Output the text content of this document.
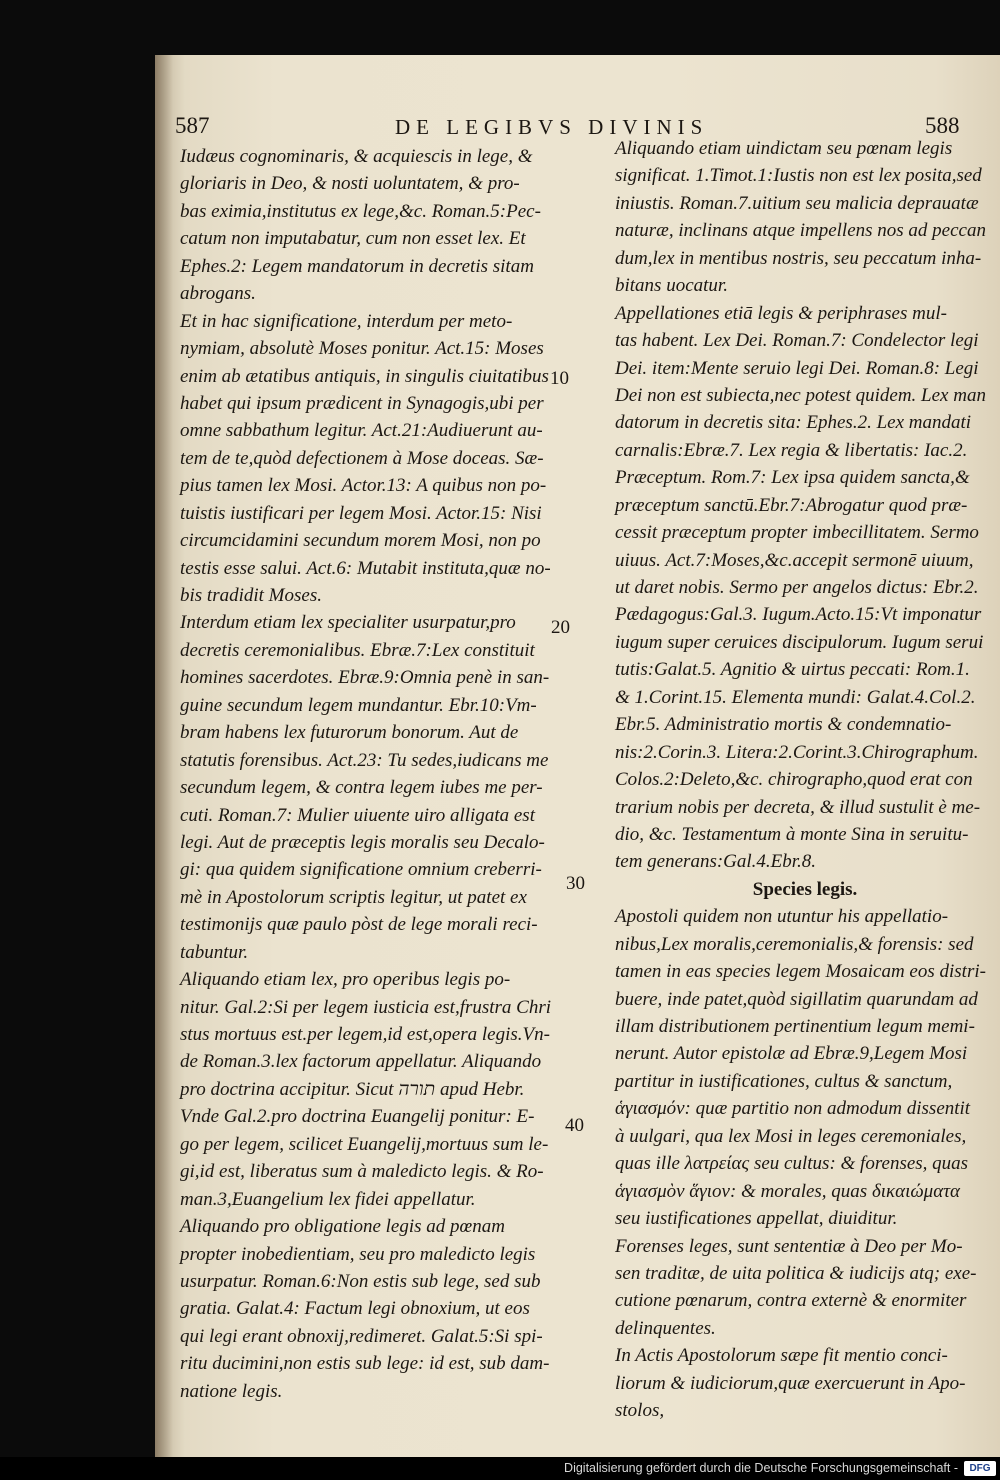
587	DE LEGIBVS DIVINIS	588
Iudæus cognominaris, & acquiescis in lege, &
gloriaris in Deo, & nosti uoluntatem, & pro-
bas eximia,institutus ex lege,&c. Roman.5:Pec-
catum non imputabatur, cum non esset lex. Et
Ephes.2: Legem mandatorum in decretis sitam
abrogans.
Et in hac significatione, interdum per meto-
nymiam, absolutè Moses ponitur. Act.15: Moses
enim ab ætatibus antiquis, in singulis ciuitatibus
habet qui ipsum prædicent in Synagogis,ubi per
omne sabbathum legitur. Act.21:Audiuerunt au-
tem de te,quòd defectionem à Mose doceas. Sæ-
pius tamen lex Mosi. Actor.13: A quibus non po-
tuistis iustificari per legem Mosi. Actor.15: Nisi
circumcidamini secundum morem Mosi, non po
testis esse salui. Act.6: Mutabit instituta,quæ no-
bis tradidit Moses.
Interdum etiam lex specialiter usurpatur,pro
decretis ceremonialibus. Ebræ.7:Lex constituit
homines sacerdotes. Ebræ.9:Omnia penè in san-
guine secundum legem mundantur. Ebr.10:Vm-
bram habens lex futurorum bonorum. Aut de
statutis forensibus. Act.23: Tu sedes,iudicans me
secundum legem, & contra legem iubes me per-
cuti. Roman.7: Mulier uiuente uiro alligata est
legi. Aut de præceptis legis moralis seu Decalo-
gi: qua quidem significatione omnium creberri-
mè in Apostolorum scriptis legitur, ut patet ex
testimonijs quæ paulo pòst de lege morali reci-
tabuntur.
Aliquando etiam lex, pro operibus legis po-
nitur. Gal.2:Si per legem iusticia est,frustra Chri
stus mortuus est.per legem,id est,opera legis.Vn-
de Roman.3.lex factorum appellatur. Aliquando
pro doctrina accipitur. Sicut תורה apud Hebr.
Vnde Gal.2.pro doctrina Euangelij ponitur: E-
go per legem, scilicet Euangelij,mortuus sum le-
gi,id est, liberatus sum à maledicto legis. & Ro-
man.3,Euangelium lex fidei appellatur.
Aliquando pro obligatione legis ad pœnam
propter inobedientiam, seu pro maledicto legis
usurpatur. Roman.6:Non estis sub lege, sed sub
gratia. Galat.4: Factum legi obnoxium, ut eos
qui legi erant obnoxij,redimeret. Galat.5:Si spi-
ritu ducimini,non estis sub lege: id est, sub dam-
natione legis.
Aliquando etiam uindictam seu pœnam legis
significat. 1.Timot.1:Iustis non est lex posita,sed
iniustis. Roman.7.uitium seu malicia deprauatæ
naturæ, inclinans atque impellens nos ad peccan
dum,lex in mentibus nostris, seu peccatum inha-
bitans uocatur.
Appellationes etiā legis & periphrases mul-
tas habent. Lex Dei. Roman.7: Condelector legi
Dei. item:Mente seruio legi Dei. Roman.8: Legi
Dei non est subiecta,nec potest quidem. Lex man
datorum in decretis sita: Ephes.2. Lex mandati
carnalis:Ebræ.7. Lex regia & libertatis: Iac.2.
Præceptum. Rom.7: Lex ipsa quidem sancta,&
præceptum sanctū.Ebr.7:Abrogatur quod præ-
cessit præceptum propter imbecillitatem. Sermo
uiuus. Act.7:Moses,&c.accepit sermonē uiuum,
ut daret nobis. Sermo per angelos dictus: Ebr.2.
Pædagogus:Gal.3. Iugum.Acto.15:Vt imponatur
iugum super ceruices discipulorum. Iugum serui
tutis:Galat.5. Agnitio & uirtus peccati: Rom.1.
& 1.Corint.15. Elementa mundi: Galat.4.Col.2.
Ebr.5. Administratio mortis & condemnatio-
nis:2.Corin.3. Litera:2.Corint.3.Chirographum.
Colos.2:Deleto,&c. chirographo,quod erat con
trarium nobis per decreta, & illud sustulit è me-
dio, &c. Testamentum à monte Sina in seruitu-
tem generans:Gal.4.Ebr.8.
Species legis.
Apostoli quidem non utuntur his appellatio-
nibus,Lex moralis,ceremonialis,& forensis: sed
tamen in eas species legem Mosaicam eos distri-
buere, inde patet,quòd sigillatim quarundam ad
illam distributionem pertinentium legum memi-
nerunt. Autor epistolæ ad Ebræ.9,Legem Mosi
partitur in iustificationes, cultus & sanctum,
ἁγιασμόν: quæ partitio non admodum dissentit
à uulgari, qua lex Mosi in leges ceremoniales,
quas ille λατρείας seu cultus: & forenses, quas
ἁγιασμὸν ἅγιον: & morales, quas δικαιώματα
seu iustificationes appellat, diuiditur.
Forenses leges, sunt sententiæ à Deo per Mo-
sen traditæ, de uita politica & iudicijs atq; exe-
cutione pœnarum, contra externè & enormiter
delinquentes.
In Actis Apostolorum sæpe fit mentio conci-
liorum & iudiciorum,quæ exercuerunt in Apo-
stolos,
10
20
30
40
Digitalisierung gefördert durch die Deutsche Forschungsgemeinschaft -	DFG
